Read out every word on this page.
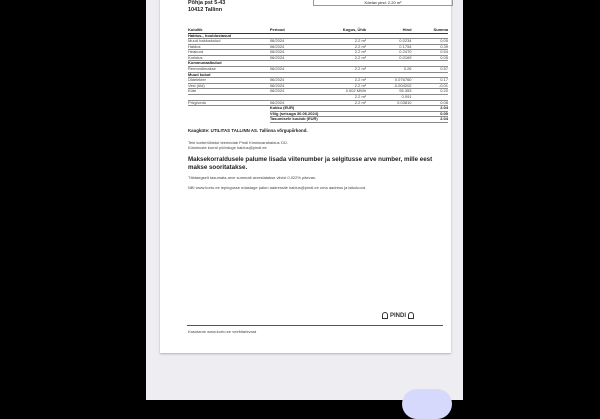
Köetav pind: 2.20 m²
Põhja pst 5-43
10412 Tallinn
Kululiik	Periood	Kogus, Ühik	Hind	Summa
Haldus-, hooldustasud				
Muud halduskulud	06/2024	2.2 m²	0.0234	0.05
Haldus	06/2024	2.2 m²	0.1754	0.39
Heakord	06/2024	2.2 m²	0.2470	0.54
Koristus	06/2024	2.2 m²	0.0169	0.05
Kommunaalkulud				
Remondimakse	06/2024	2.2 m²	0.26	0.57
Muud kulud				
Üldelekter	06/2024	2.2 m²	0.076760	0.17
Vesi (üld)	06/2024	2.2 m²	-0.004202	-0.01
Küte	06/2024	0.002 MWh	95.353	0.20
		2.2 m²	0.091	
Prügivedu	06/2024	2.2 m²	0.03810	0.08
	Kokku (EUR)			2.04
	Võlg (seisuga 30.06.2024)			0.00
	Tasumisele kuulub (EUR)			2.04
Kaugküte: UTILITAS TALLINN AS. Tallinna võrgupiirkond.
Teie korteriühistut teenindab Pindi Kinnisvarahaldus OÜ.
Küsimuste korral pöörduge haldus@pindi.ee
Maksekorraldusele palume lisada viitenumber ja selgitusse arve number, mille eest makse sooritatakse.
Tähtaegselt tasumata arve summalt arvestatakse viivist 0,022% päevas.
NB! www.korto.ee lepingusse edastage palun aadressile haldus@pindi.ee oma aadress ja isikukood.
PINDI
Kasutame www.korto.ee veebitarkvara
